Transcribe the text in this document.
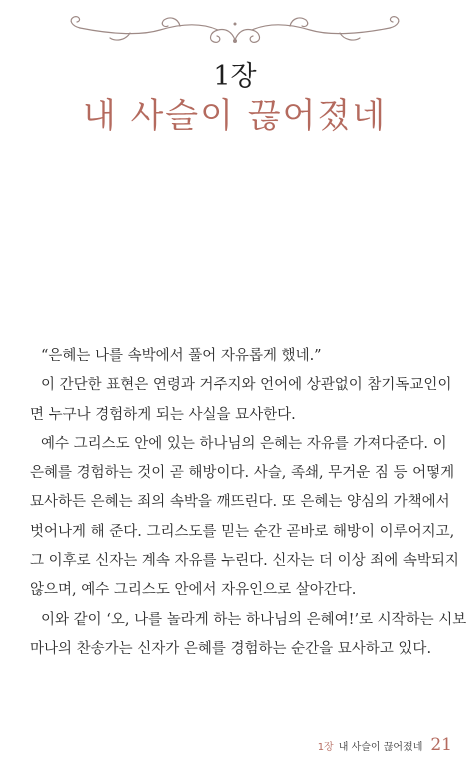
1장
내 사슬이 끊어졌네

“은혜는 나를 속박에서 풀어 자유롭게 했네.”

이 간단한 표현은 연령과 거주지와 언어에 상관없이 참기독교인이
면 누구나 경험하게 되는 사실을 묘사한다.

예수 그리스도 안에 있는 하나님의 은혜는 자유를 가져다준다. 이
은혜를 경험하는 것이 곧 해방이다. 사슬, 족쇄, 무거운 짐 등 어떻게
묘사하든 은혜는 죄의 속박을 깨뜨린다. 또 은혜는 양심의 가책에서
벗어나게 해 준다. 그리스도를 믿는 순간 곧바로 해방이 이루어지고,
그 이후로 신자는 계속 자유를 누린다. 신자는 더 이상 죄에 속박되지
않으며, 예수 그리스도 안에서 자유인으로 살아간다.

이와 같이 ‘오, 나를 놀라게 하는 하나님의 은혜여!’로 시작하는 시보
마나의 찬송가는 신자가 은혜를 경험하는 순간을 묘사하고 있다.

1장 내 사슬이 끊어졌네 21
